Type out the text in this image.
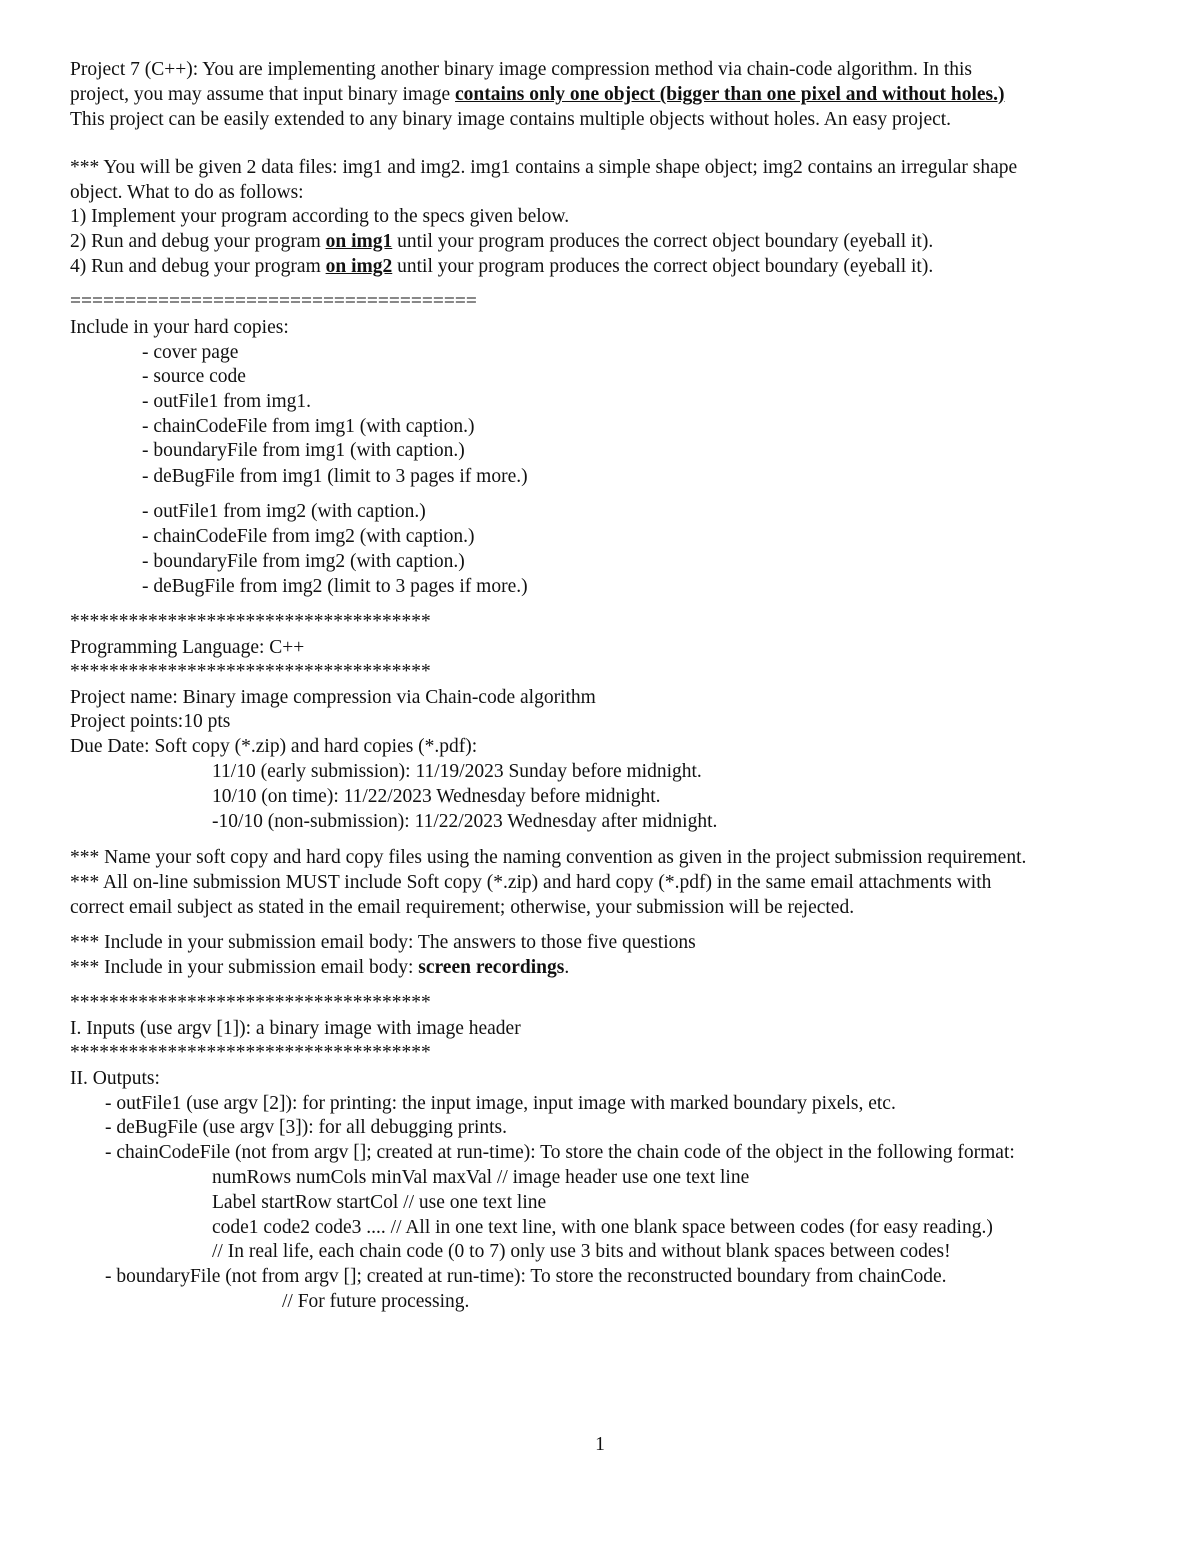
Project 7 (C++): You are implementing another binary image compression method via chain-code algorithm. In this
project, you may assume that input binary image contains only one object (bigger than one pixel and without holes.)
This project can be easily extended to any binary image contains multiple objects without holes. An easy project.
*** You will be given 2 data files: img1 and img2. img1 contains a simple shape object; img2 contains an irregular shape
object. What to do as follows:
1) Implement your program according to the specs given below.
2) Run and debug your program on img1 until your program produces the correct object boundary (eyeball it).
4) Run and debug your program on img2 until your program produces the correct object boundary (eyeball it).
=====================================
Include in your hard copies:
- cover page
- source code
- outFile1 from img1.
- chainCodeFile from img1 (with caption.)
- boundaryFile from img1 (with caption.)
- deBugFile from img1 (limit to 3 pages if more.)
- outFile1 from img2 (with caption.)
- chainCodeFile from img2 (with caption.)
- boundaryFile from img2 (with caption.)
- deBugFile from img2 (limit to 3 pages if more.)
*************************************
Programming Language: C++
*************************************
Project name: Binary image compression via Chain-code algorithm
Project points:10 pts
Due Date: Soft copy (*.zip) and hard copies (*.pdf):
11/10 (early submission): 11/19/2023 Sunday before midnight.
10/10 (on time): 11/22/2023 Wednesday before midnight.
-10/10 (non-submission): 11/22/2023 Wednesday after midnight.
*** Name your soft copy and hard copy files using the naming convention as given in the project submission requirement.
*** All on-line submission MUST include Soft copy (*.zip) and hard copy (*.pdf) in the same email attachments with
correct email subject as stated in the email requirement; otherwise, your submission will be rejected.
*** Include in your submission email body: The answers to those five questions
*** Include in your submission email body: screen recordings.
*************************************
I. Inputs (use argv [1]): a binary image with image header
*************************************
II. Outputs:
- outFile1 (use argv [2]): for printing: the input image, input image with marked boundary pixels, etc.
- deBugFile (use argv [3]): for all debugging prints.
- chainCodeFile (not from argv []; created at run-time): To store the chain code of the object in the following format:
numRows numCols minVal maxVal // image header use one text line
Label startRow startCol // use one text line
code1 code2 code3 .... // All in one text line, with one blank space between codes (for easy reading.)
// In real life, each chain code (0 to 7) only use 3 bits and without blank spaces between codes!
- boundaryFile (not from argv []; created at run-time): To store the reconstructed boundary from chainCode.
// For future processing.
1
